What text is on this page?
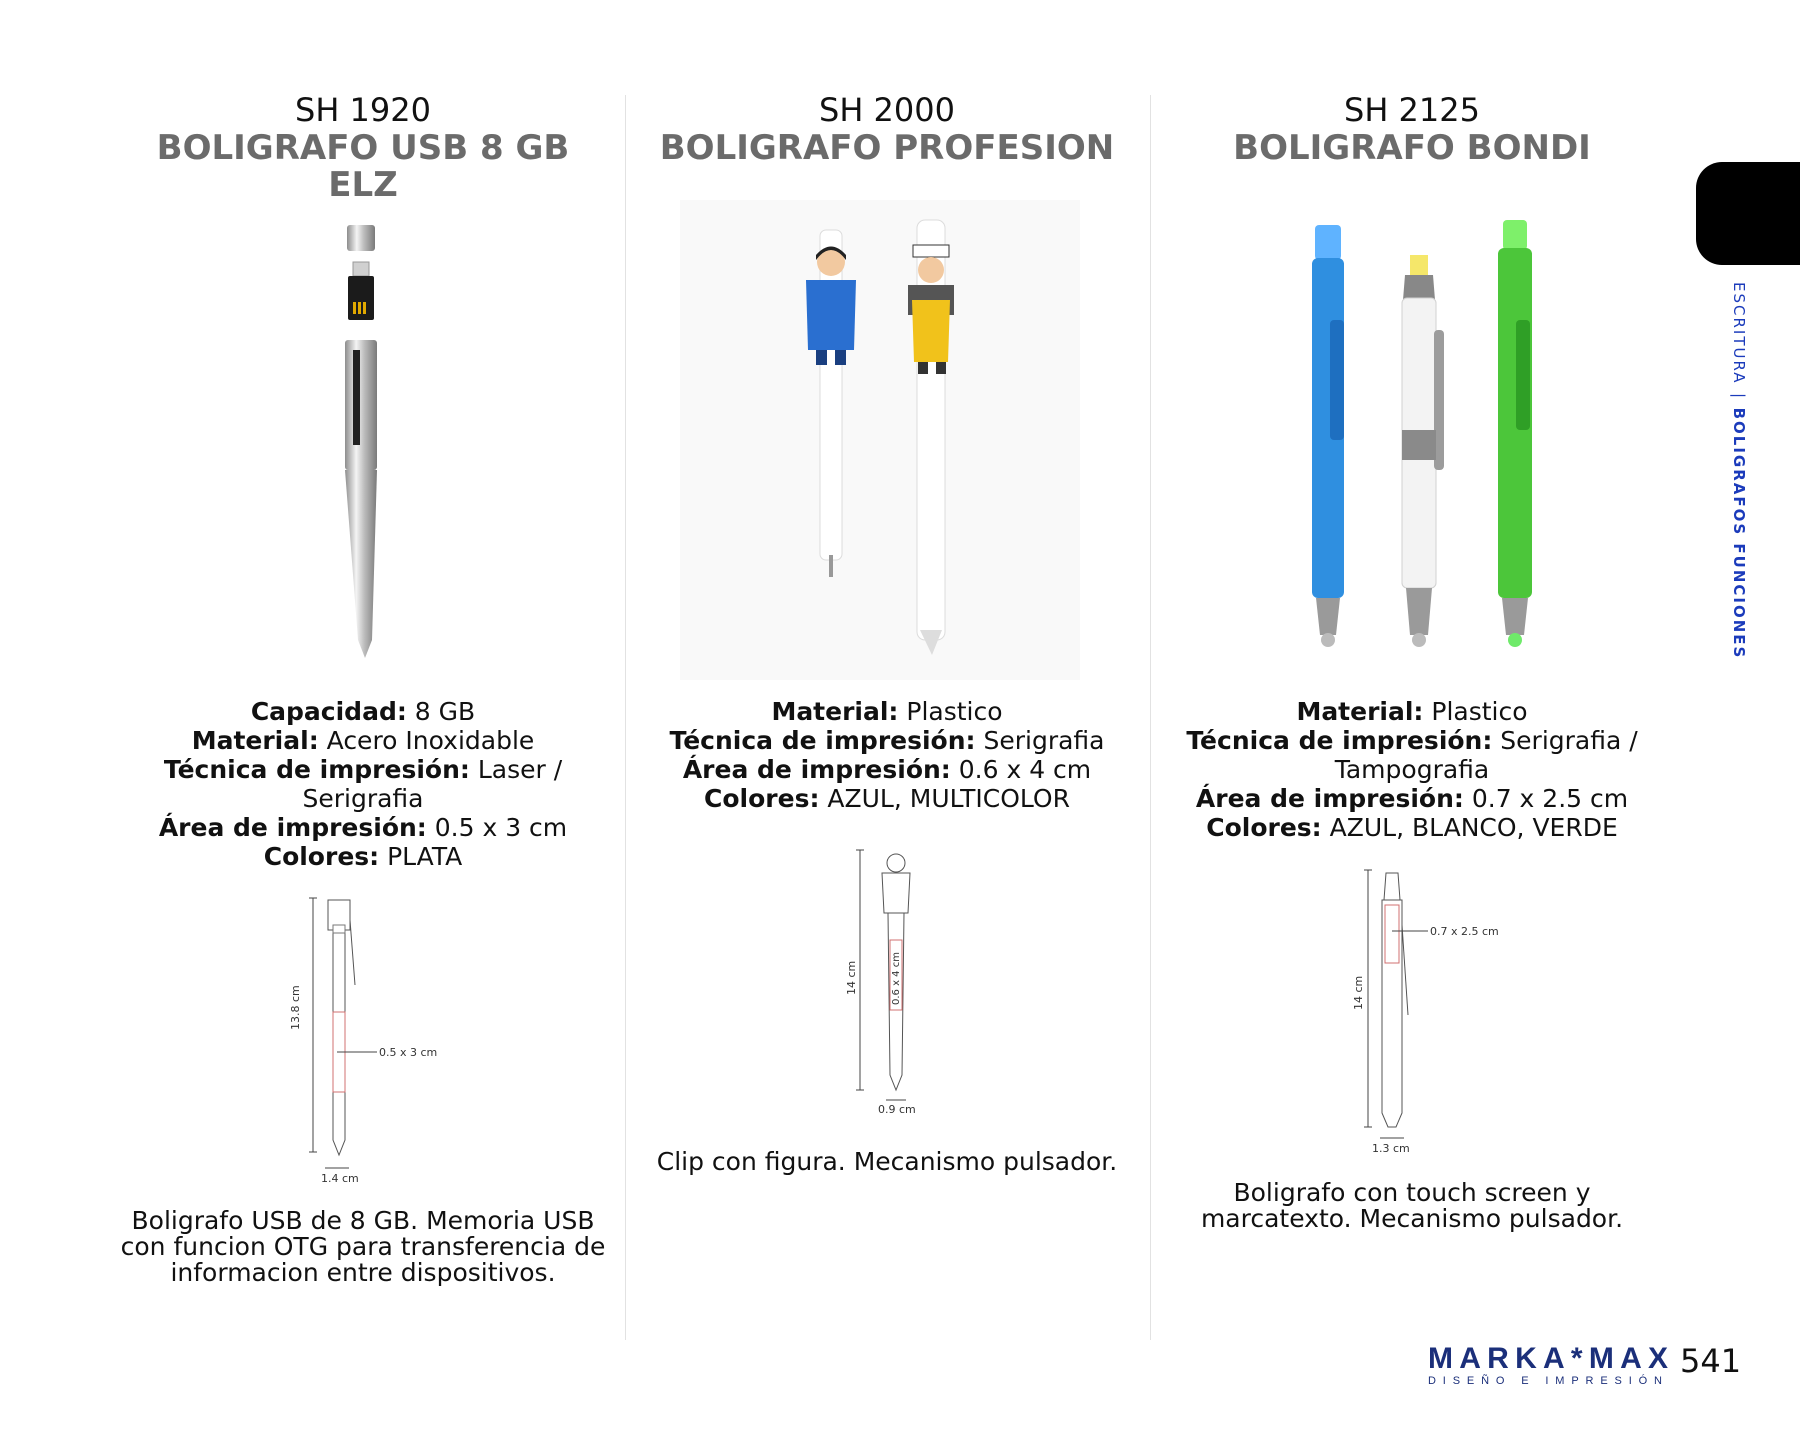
SH 1920
BOLIGRAFO USB 8 GB ELZ
SH 2000
BOLIGRAFO PROFESION
SH 2125
BOLIGRAFO BONDI
Capacidad: 8 GB
Material: Acero Inoxidable
Técnica de impresión: Laser / Serigrafia
Área de impresión: 0.5 x 3 cm
Colores: PLATA
Material: Plastico
Técnica de impresión: Serigrafia
Área de impresión: 0.6 x 4 cm
Colores: AZUL, MULTICOLOR
Material: Plastico
Técnica de impresión: Serigrafia / Tampografia
Área de impresión: 0.7 x 2.5 cm
Colores: AZUL, BLANCO, VERDE
13.8 cm
0.5 x 3 cm
1.4 cm
14 cm	0.6 x 4 cm
0.9 cm
14 cm
0.7 x 2.5 cm
1.3 cm
Boligrafo USB de 8 GB. Memoria USB con funcion OTG para transferencia de informacion entre dispositivos.
Clip con figura. Mecanismo pulsador.
Boligrafo con touch screen y marcatexto. Mecanismo pulsador.
ESCRITURA|BOLIGRAFOS FUNCIONES
MARKA*MAX
DISEÑO E IMPRESIÓN
541
